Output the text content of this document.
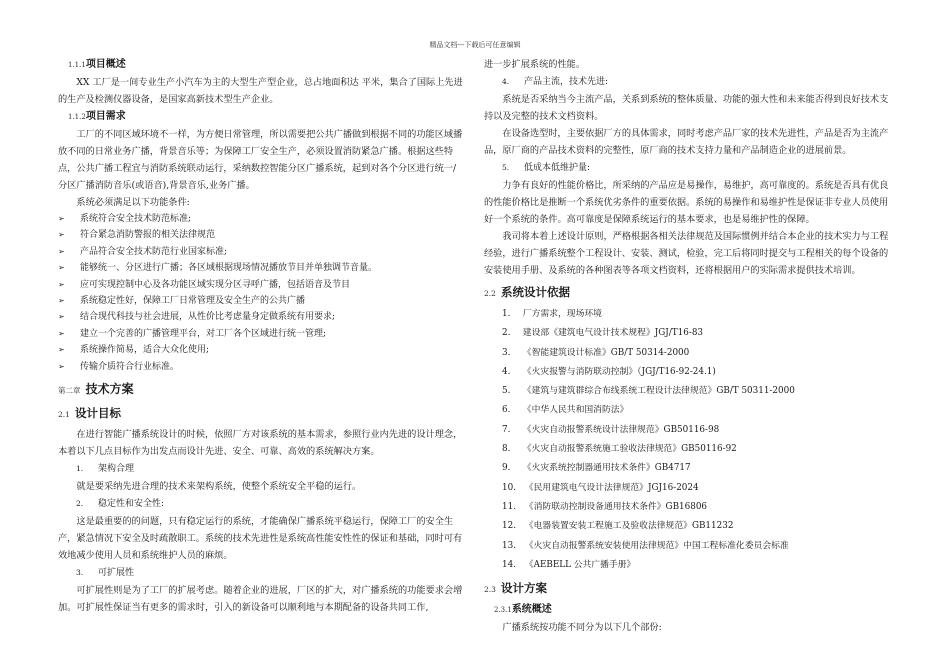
精品文档---下载后可任意编辑
1.1.1项目概述

XX 工厂是一间专业生产小汽车为主的大型生产型企业，总占地面积达 平米，集合了国际上先进的生产及检测仪器设备，是国家高新技术型生产企业。

1.1.2项目需求

工厂的不同区域环境不一样，为方便日常管理，所以需要把公共广播做到根据不同的功能区域播放不同的日常业务广播，背景音乐等；为保障工厂安全生产，必须设置消防紧急广播。根据这些特点，公共广播工程宜与消防系统联动运行，采纳数控智能分区广播系统，起到对各个分区进行统一/分区广播消防音乐(或语音),背景音乐,业务广播。

系统必须满足以下功能条件:

➢	系统符合安全技术防范标准;
➢	符合紧急消防警报的相关法律规范
➢	产品符合安全技术防范行业国家标准;
➢	能够统一、分区进行广播；各区域根据现场情况播放节目并单独调节音量。
➢	应可实现控制中心及各功能区域实现分区寻呼广播，包括语音及节目
➢	系统稳定性好，保障工厂日常管理及安全生产的公共广播
➢	结合现代科技与社会进展，从性价比考虑量身定做系统有用要求;
➢	建立一个完善的广播管理平台，对工厂各个区域进行统一管理;
➢	系统操作简易，适合大众化使用;
➢	传输介质符合行业标准。
第二章 技术方案
2.1 设计目标

在进行智能广播系统设计的时候，依照厂方对该系统的基本需求，参照行业内先进的设计理念，本着以下几点目标作为出发点而设计先进、安全、可靠、高效的系统解决方案。

1. 架构合理

就是要采纳先进合理的技术来架构系统，使整个系统安全平稳的运行。

2. 稳定性和安全性:

这是最重要的的问题，只有稳定运行的系统，才能确保广播系统平稳运行，保障工厂的安全生产，紧急情况下安全及时疏散职工。系统的技术先进性是系统高性能安性性的保证和基础，同时可有效地减少使用人员和系统维护人员的麻烦。

3. 可扩展性

可扩展性则是为了工厂的扩展考虑。随着企业的进展，厂区的扩大，对广播系统的功能要求会增加。可扩展性保证当有更多的需求时，引入的新设备可以顺利地与本期配备的设备共同工作,

进一步扩展系统的性能。

4. 产品主流，技术先进:

系统是否采纳当今主流产品，关系到系统的整体质量、功能的强大性和未来能否得到良好技术支持以及完整的技术文档资料。

在设备选型时，主要依据厂方的具体需求，同时考虑产品厂家的技术先进性，产品是否为主流产品，原厂商的产品技术资料的完整性，原厂商的技术支持力量和产品制造企业的进展前景。

5. 低成本低维护量:

力争有良好的性能价格比，所采纳的产品应是易操作，易维护，高可靠度的。系统是否具有优良的性能价格比是推断一个系统优劣条件的重要依据。系统的易操作和易维护性是保证非专业人员使用好一个系统的条件。高可靠度是保障系统运行的基本要求，也是易维护性的保障。

我司将本着上述设计原则，严格根据各相关法律规范及国际惯例并结合本企业的技术实力与工程经验，进行广播系统整个工程设计、安装、测试，检验，完工后将同时提交与工程相关的每个设备的安装使用手册、及系统的各种图表等各项文档资料，还将根据用户的实际需求提供技术培训。

2.2 系统设计依据
1. 厂方需求，现场环境
2. 建设部《建筑电气设计技术规程》JGJ/T16-83
3. 《智能建筑设计标准》GB/T 50314-2000
4. 《火灾报警与消防联动控制》（JGJ/T16-92-24.1)
5. 《建筑与建筑群综合布线系统工程设计法律规范》GB/T 50311-2000
6. 《中华人民共和国消防法》
7. 《火灾自动报警系统设计法律规范》GB50116-98
8. 《火灾自动报警系统施工验收法律规范》GB50116-92
9. 《火灾系统控制器通用技术条件》GB4717
10. 《民用建筑电气设计法律规范》JGJ16-2024
11. 《消防联动控制设备通用技术条件》GB16806
12. 《电器装置安装工程施工及验收法律规范》GB11232
13. 《火灾自动报警系统安装使用法律规范》中国工程标准化委员会标准
14. 《AEBELL 公共广播手册》
2.3 设计方案
2.3.1系统概述

广播系统按功能不同分为以下几个部份:
